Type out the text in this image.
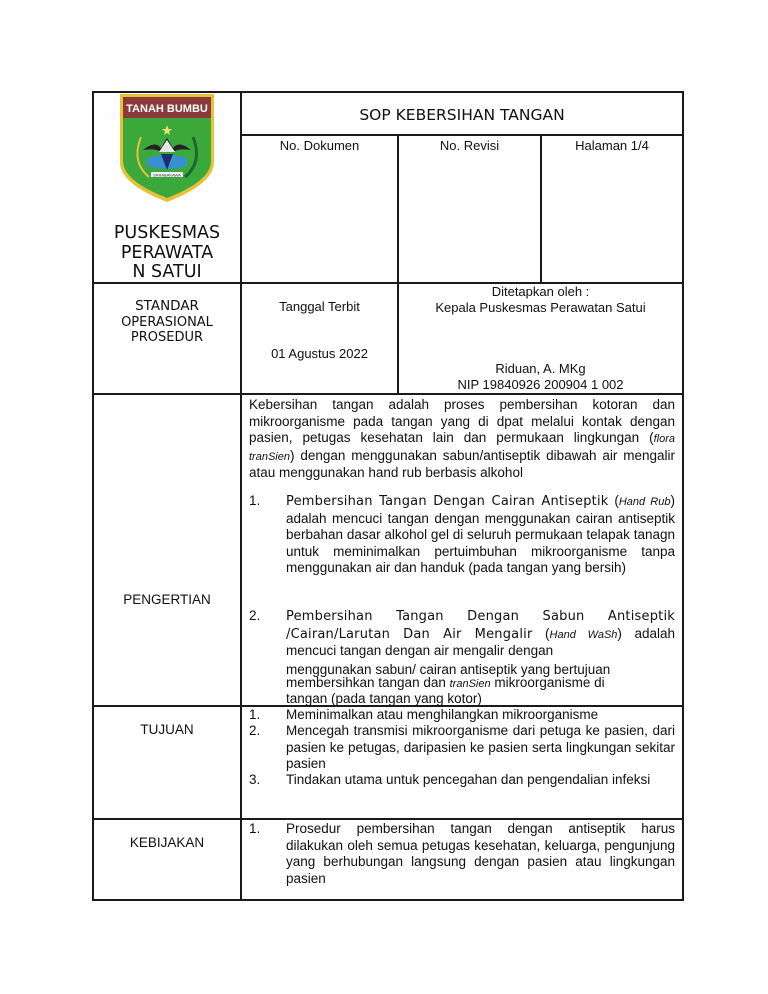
TANAH BUMBU
SARABAKAWA
PUSKESMAS
PERAWATA
N SATUI
SOP KEBERSIHAN TANGAN
No. Dokumen	No. Revisi	Halaman 1/4
STANDAR
OPERASIONAL
PROSEDUR
Tanggal Terbit
01 Agustus 2022
Ditetapkan oleh :
Kepala Puskesmas Perawatan Satui
Riduan, A. MKg
NIP 19840926 200904 1 002
PENGERTIAN
Kebersihan tangan adalah proses pembersihan kotoran dan mikroorganisme pada tangan yang di dpat melalui kontak dengan pasien, petugas kesehatan lain dan permukaan lingkungan (flora tranSien) dengan menggunakan sabun/antiseptik dibawah air mengalir atau menggunakan hand rub berbasis alkohol
1. Pembersihan Tangan Dengan Cairan Antiseptik (Hand Rub) adalah mencuci tangan dengan menggunakan cairan antiseptik berbahan dasar alkohol gel di seluruh permukaan telapak tanagn untuk meminimalkan pertuimbuhan mikroorganisme tanpa menggunakan air dan handuk (pada tangan yang bersih)
2. Pembersihan Tangan Dengan Sabun Antiseptik /Cairan/Larutan Dan Air Mengalir (Hand WaSh) adalah mencuci tangan dengan air mengalir dengan
menggunakan sabun/ cairan antiseptik yang bertujuan
membersihkan tangan dan tranSien mikroorganisme di
tangan (pada tangan yang kotor)
TUJUAN
1. Meminimalkan atau menghilangkan mikroorganisme
2. Mencegah transmisi mikroorganisme dari petuga ke pasien, dari pasien ke petugas, daripasien ke pasien serta lingkungan sekitar pasien
3. Tindakan utama untuk pencegahan dan pengendalian infeksi
KEBIJAKAN
1. Prosedur pembersihan tangan dengan antiseptik harus dilakukan oleh semua petugas kesehatan, keluarga, pengunjung yang berhubungan langsung dengan pasien atau lingkungan pasien
